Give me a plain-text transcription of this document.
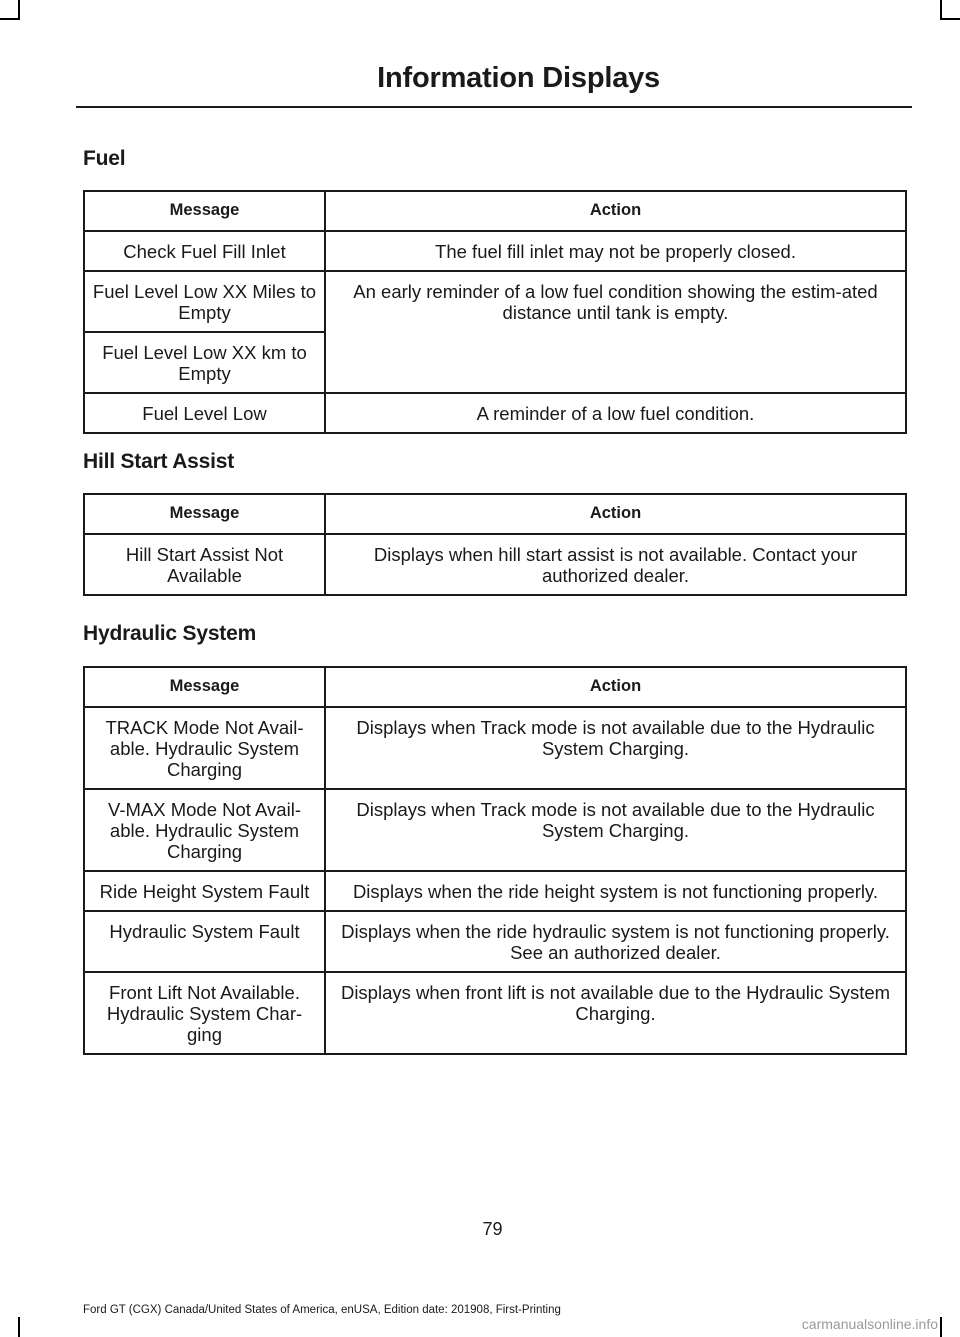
Information Displays
Fuel
Message	Action
Check Fuel Fill Inlet	The fuel fill inlet may not be properly closed.
Fuel Level Low XX Miles to Empty	An early reminder of a low fuel condition showing the estim-ated distance until tank is empty.
Fuel Level Low XX km to Empty	
Fuel Level Low	A reminder of a low fuel condition.
Hill Start Assist
Message	Action
Hill Start Assist Not Available	Displays when hill start assist is not available. Contact your authorized dealer.
Hydraulic System
Message	Action
TRACK Mode Not Avail-able. Hydraulic System Charging	Displays when Track mode is not available due to the Hydraulic System Charging.
V-MAX Mode Not Avail-able. Hydraulic System Charging	Displays when Track mode is not available due to the Hydraulic System Charging.
Ride Height System Fault	Displays when the ride height system is not functioning properly.
Hydraulic System Fault	Displays when the ride hydraulic system is not functioning properly. See an authorized dealer.
Front Lift Not Available. Hydraulic System Char-ging	Displays when front lift is not available due to the Hydraulic System Charging.
79
Ford GT (CGX) Canada/United States of America, enUSA, Edition date: 201908, First-Printing
carmanualsonline.info
